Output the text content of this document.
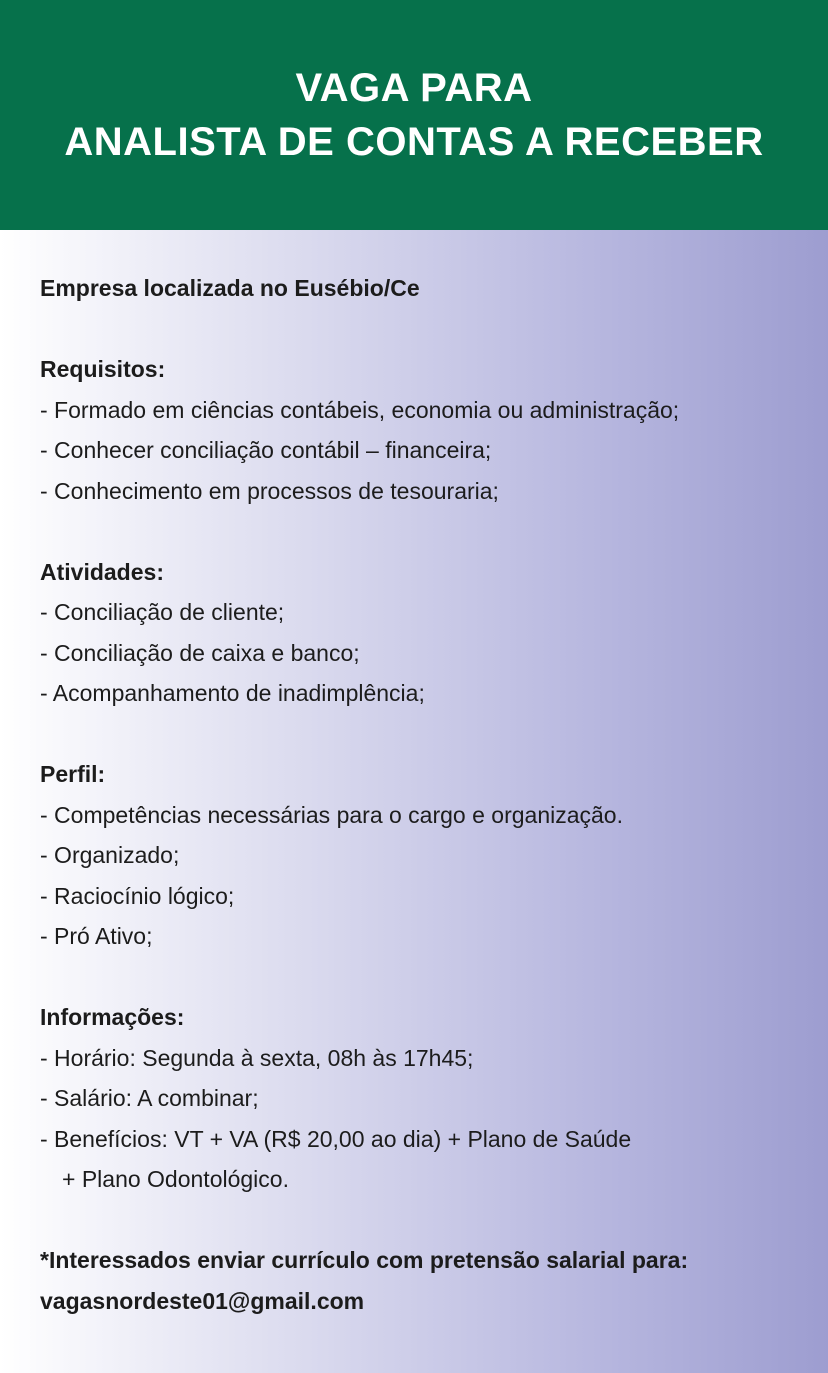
VAGA PARA

ANALISTA DE CONTAS A RECEBER

Empresa localizada no Eusébio/Ce

Requisitos:

- Formado em ciências contábeis, economia ou administração;

- Conhecer conciliação contábil – financeira;

- Conhecimento em processos de tesouraria;

Atividades:

- Conciliação de cliente;

- Conciliação de caixa e banco;

- Acompanhamento de inadimplência;

Perfil:

- Competências necessárias para o cargo e organização.

- Organizado;

- Raciocínio lógico;

- Pró Ativo;

Informações:

- Horário: Segunda à sexta, 08h às 17h45;

- Salário: A combinar;

- Benefícios: VT + VA (R$ 20,00 ao dia) + Plano de Saúde

+ Plano Odontológico.

*Interessados enviar currículo com pretensão salarial para:

vagasnordeste01@gmail.com
